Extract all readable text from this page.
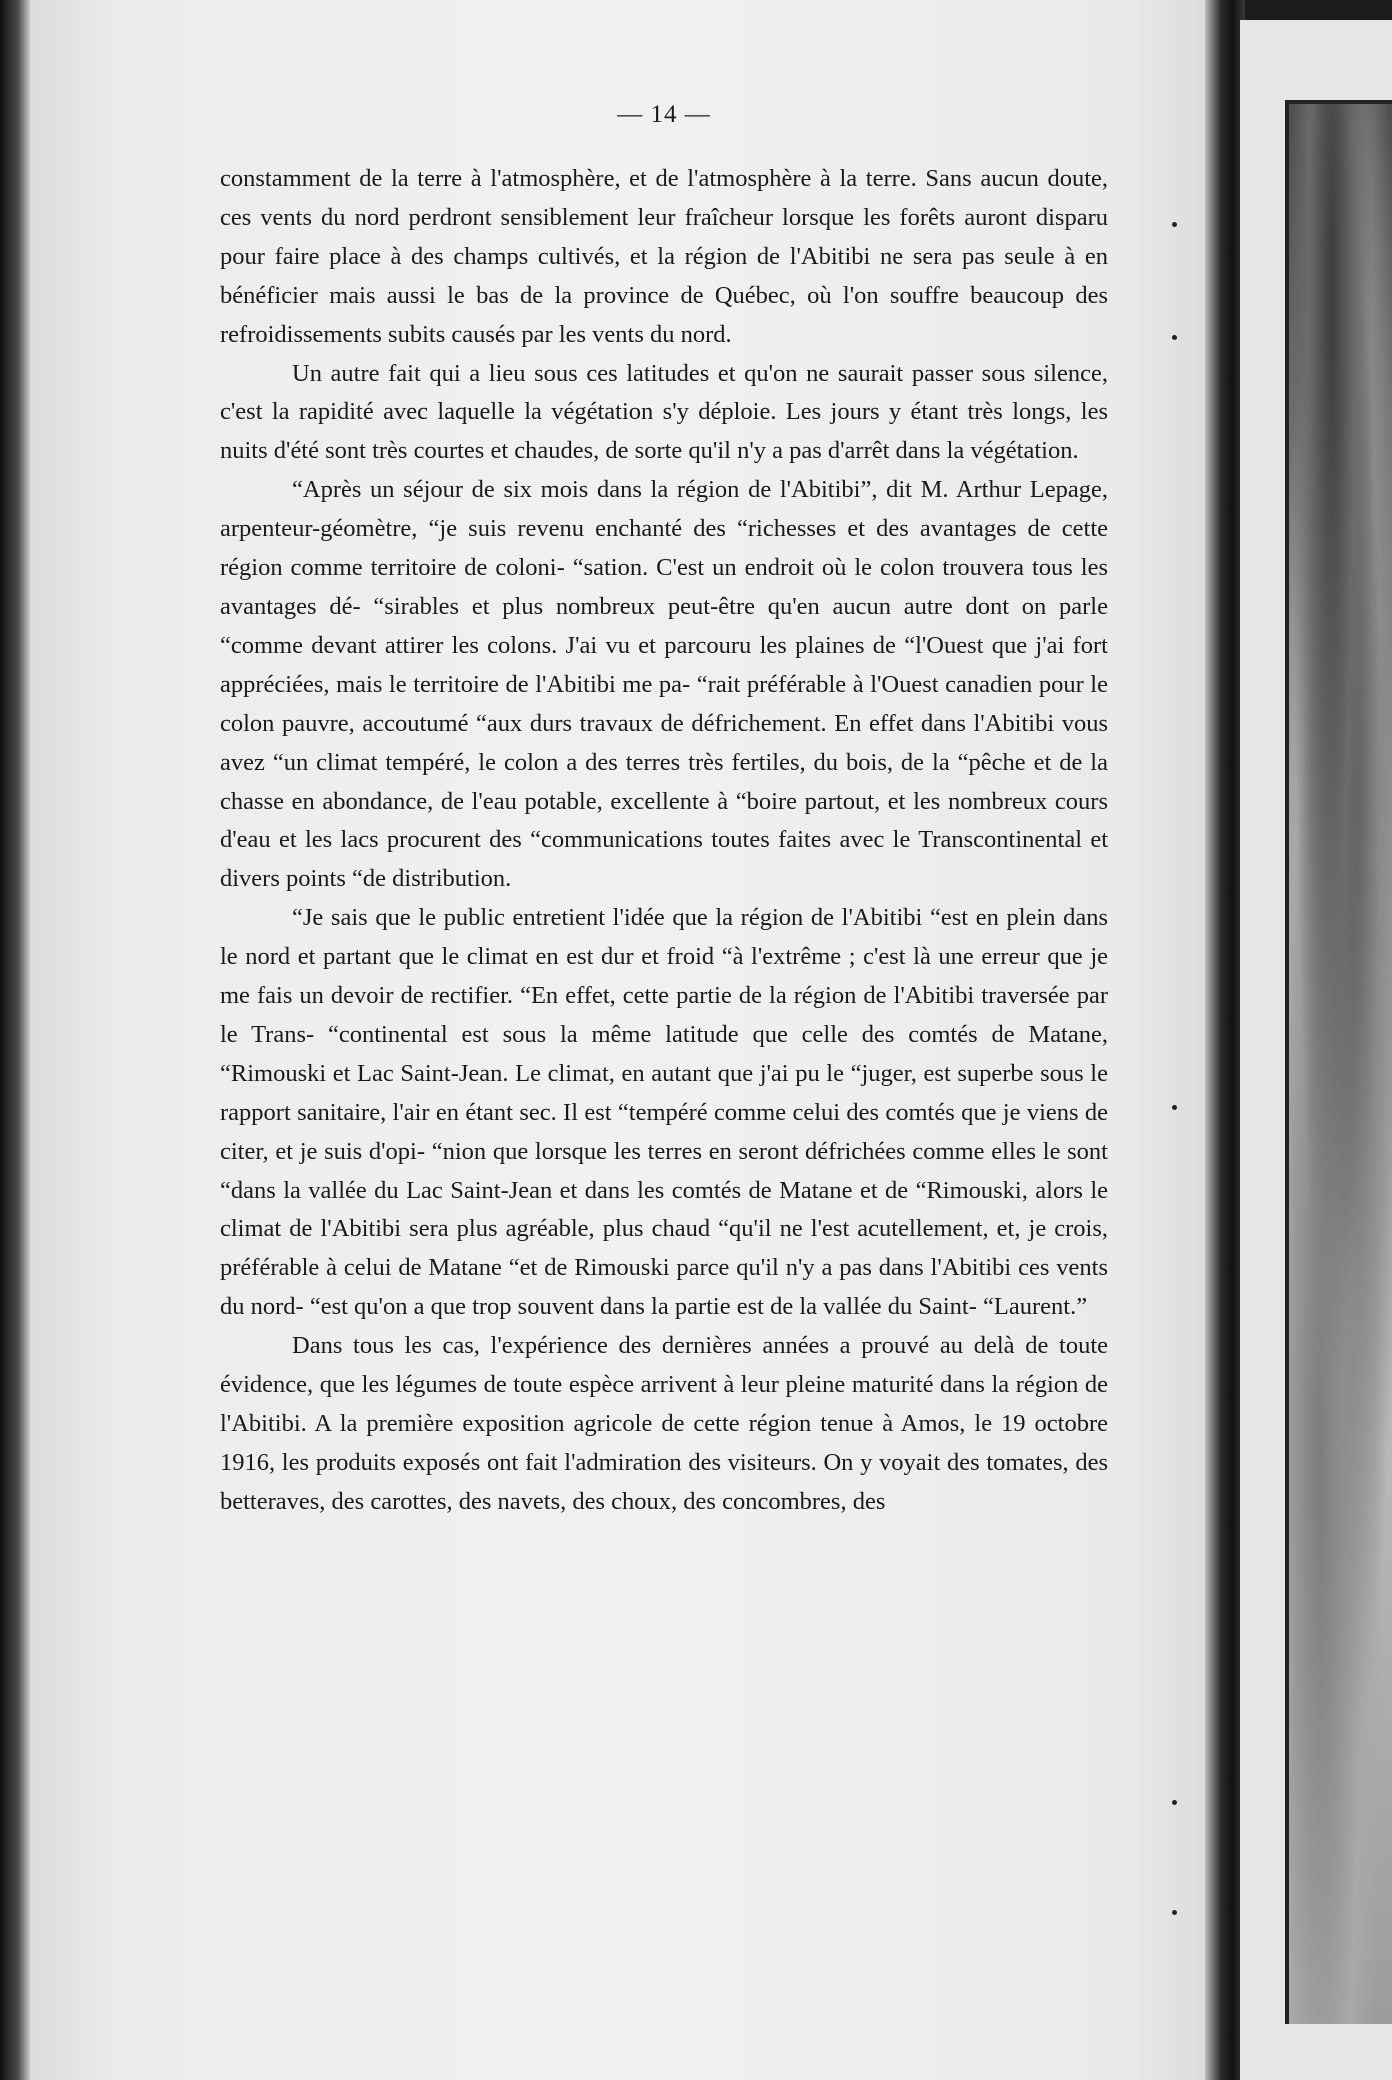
— 14 —

constamment de la terre à l'atmosphère, et de l'atmosphère à la terre. Sans aucun doute, ces vents du nord perdront sensiblement leur fraîcheur lorsque les forêts auront disparu pour faire place à des champs cultivés, et la région de l'Abitibi ne sera pas seule à en bénéficier mais aussi le bas de la province de Québec, où l'on souffre beaucoup des refroidissements subits causés par les vents du nord.

Un autre fait qui a lieu sous ces latitudes et qu'on ne saurait passer sous silence, c'est la rapidité avec laquelle la végétation s'y déploie. Les jours y étant très longs, les nuits d'été sont très courtes et chaudes, de sorte qu'il n'y a pas d'arrêt dans la végétation.

“Après un séjour de six mois dans la région de l'Abitibi”, dit M. Arthur Lepage, arpenteur-géomètre, “je suis revenu enchanté des “richesses et des avantages de cette région comme territoire de coloni- “sation. C'est un endroit où le colon trouvera tous les avantages dé- “sirables et plus nombreux peut-être qu'en aucun autre dont on parle “comme devant attirer les colons. J'ai vu et parcouru les plaines de “l'Ouest que j'ai fort appréciées, mais le territoire de l'Abitibi me pa- “rait préférable à l'Ouest canadien pour le colon pauvre, accoutumé “aux durs travaux de défrichement. En effet dans l'Abitibi vous avez “un climat tempéré, le colon a des terres très fertiles, du bois, de la “pêche et de la chasse en abondance, de l'eau potable, excellente à “boire partout, et les nombreux cours d'eau et les lacs procurent des “communications toutes faites avec le Transcontinental et divers points “de distribution.

“Je sais que le public entretient l'idée que la région de l'Abitibi “est en plein dans le nord et partant que le climat en est dur et froid “à l'extrême ; c'est là une erreur que je me fais un devoir de rectifier. “En effet, cette partie de la région de l'Abitibi traversée par le Trans- “continental est sous la même latitude que celle des comtés de Matane, “Rimouski et Lac Saint-Jean. Le climat, en autant que j'ai pu le “juger, est superbe sous le rapport sanitaire, l'air en étant sec. Il est “tempéré comme celui des comtés que je viens de citer, et je suis d'opi- “nion que lorsque les terres en seront défrichées comme elles le sont “dans la vallée du Lac Saint-Jean et dans les comtés de Matane et de “Rimouski, alors le climat de l'Abitibi sera plus agréable, plus chaud “qu'il ne l'est acutellement, et, je crois, préférable à celui de Matane “et de Rimouski parce qu'il n'y a pas dans l'Abitibi ces vents du nord- “est qu'on a que trop souvent dans la partie est de la vallée du Saint- “Laurent.”

Dans tous les cas, l'expérience des dernières années a prouvé au delà de toute évidence, que les légumes de toute espèce arrivent à leur pleine maturité dans la région de l'Abitibi. A la première exposition agricole de cette région tenue à Amos, le 19 octobre 1916, les produits exposés ont fait l'admiration des visiteurs. On y voyait des tomates, des betteraves, des carottes, des navets, des choux, des concombres, des
